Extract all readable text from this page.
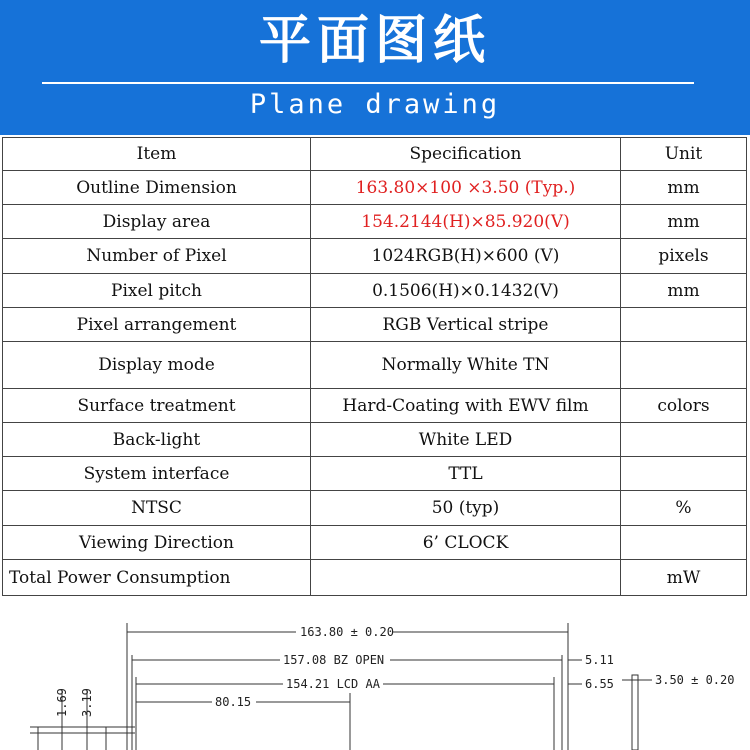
平面图纸
Plane drawing
Item	Specification	Unit
Outline Dimension	163.80×100 ×3.50 (Typ.)	mm
Display area	154.2144(H)×85.920(V)	mm
Number of Pixel	1024RGB(H)×600 (V)	pixels
Pixel pitch	0.1506(H)×0.1432(V)	mm
Pixel arrangement	RGB Vertical stripe	
Display mode	Normally White TN	
Surface treatment	Hard-Coating with EWV film	colors
Back-light	White LED	
System interface	TTL	
NTSC	50 (typ)	%
Viewing Direction	6’ CLOCK	
Total Power Consumption		mW
163.80 ± 0.20
157.08 BZ OPEN
154.21 LCD AA
80.15
5.11
6.55	3.50 ± 0.20
1.69 3.19
